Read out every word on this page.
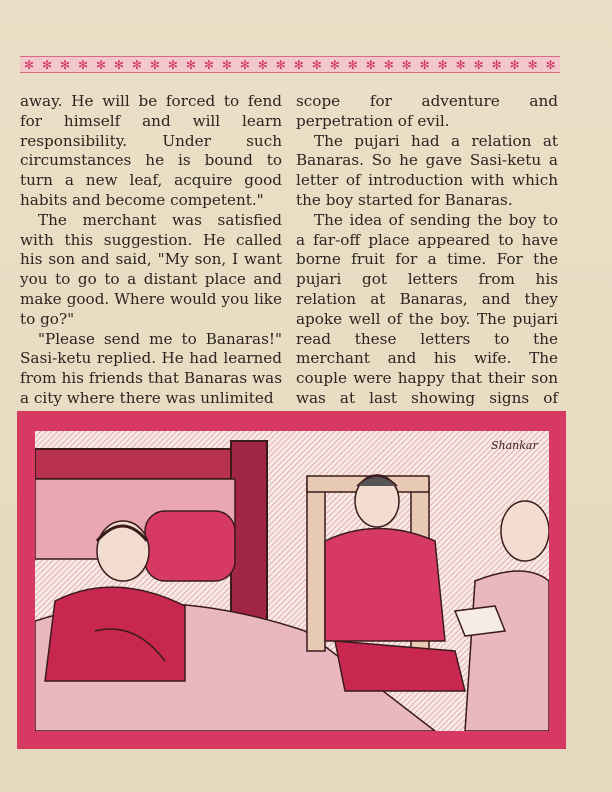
✻ ✻ ✻ ✻ ✻ ✻ ✻ ✻ ✻ ✻ ✻ ✻ ✻ ✻ ✻ ✻ ✻ ✻ ✻ ✻ ✻ ✻ ✻ ✻ ✻ ✻ ✻ ✻ ✻ ✻

away. He will be forced to fend for himself and will learn responsibility. Under such circumstances he is bound to turn a new leaf, acquire good habits and become competent."

The merchant was satisfied with this suggestion. He called his son and said, "My son, I want you to go to a distant place and make good. Where would you like to go?"

"Please send me to Banaras!" Sasi-ketu replied. He had learned from his friends that Banaras was a city where there was unlimited

scope for adventure and perpetration of evil.

The pujari had a relation at Banaras. So he gave Sasi-ketu a letter of introduction with which the boy started for Banaras.

The idea of sending the boy to a far-off place appeared to have borne fruit for a time. For the pujari got letters from his relation at Banaras, and they apoke well of the boy. The pujari read these letters to the merchant and his wife. The couple were happy that their son was at last showing signs of

Shankar
